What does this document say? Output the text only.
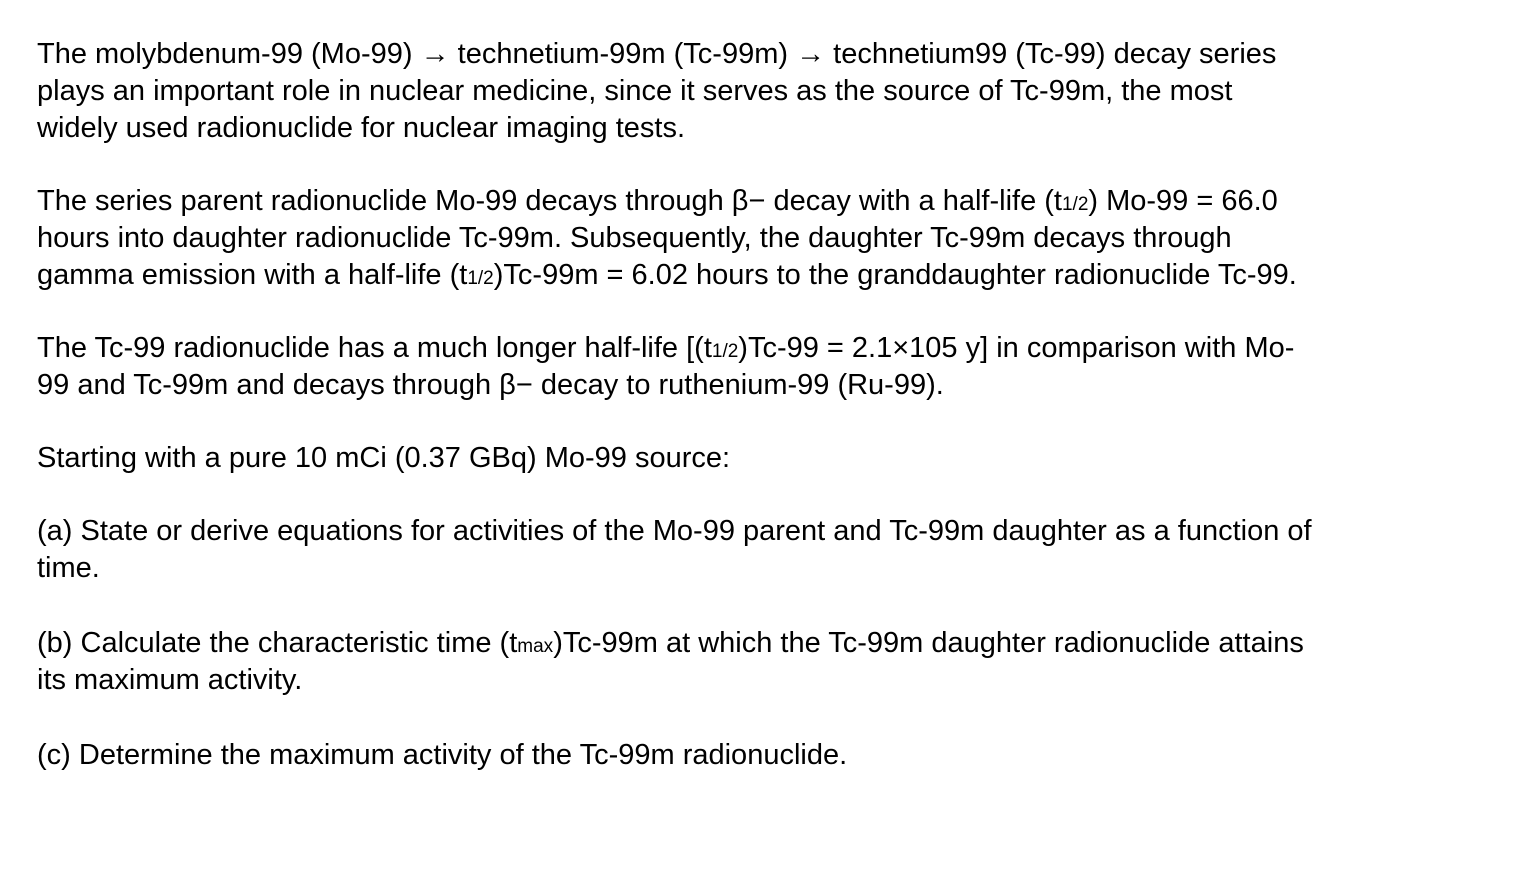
The molybdenum-99 (Mo-99) → technetium-99m (Tc-99m) → technetium99 (Tc-99) decay series
plays an important role in nuclear medicine, since it serves as the source of Tc-99m, the most
widely used radionuclide for nuclear imaging tests.
The series parent radionuclide Mo-99 decays through β− decay with a half-life (t1/2) Mo-99 = 66.0
hours into daughter radionuclide Tc-99m. Subsequently, the daughter Tc-99m decays through
gamma emission with a half-life (t1/2)Tc-99m = 6.02 hours to the granddaughter radionuclide Tc-99.
The Tc-99 radionuclide has a much longer half-life [(t1/2)Tc-99 = 2.1×105 y] in comparison with Mo-
99 and Tc-99m and decays through β− decay to ruthenium-99 (Ru-99).
Starting with a pure 10 mCi (0.37 GBq) Mo-99 source:
(a) State or derive equations for activities of the Mo-99 parent and Tc-99m daughter as a function of
time.
(b) Calculate the characteristic time (tmax)Tc-99m at which the Tc-99m daughter radionuclide attains
its maximum activity.
(c) Determine the maximum activity of the Tc-99m radionuclide.
